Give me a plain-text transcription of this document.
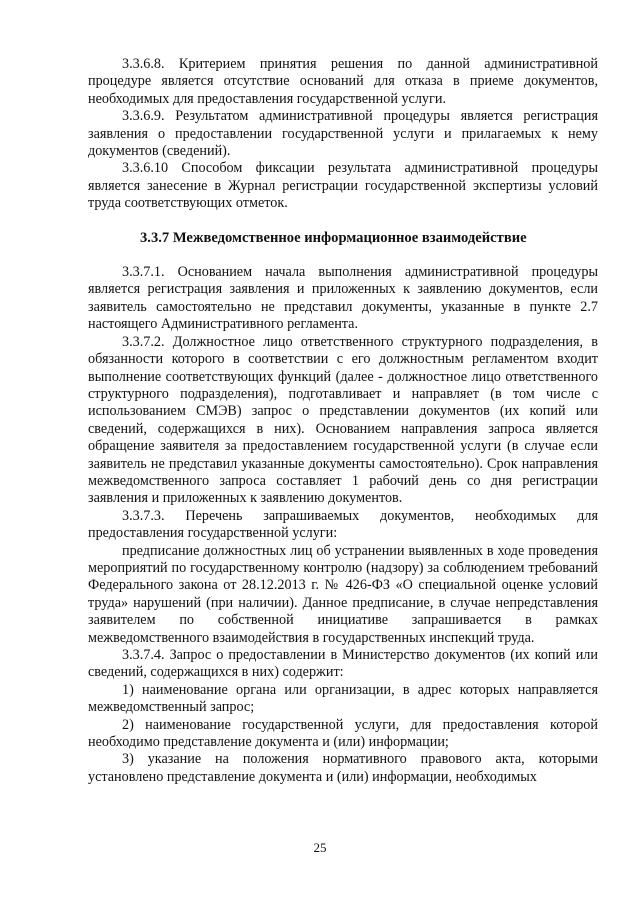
3.3.6.8. Критерием принятия решения по данной административной процедуре является отсутствие оснований для отказа в приеме документов, необходимых для предоставления государственной услуги.

3.3.6.9. Результатом административной процедуры является регистрация заявления о предоставлении государственной услуги и прилагаемых к нему документов (сведений).

3.3.6.10 Способом фиксации результата административной процедуры является занесение в Журнал регистрации государственной экспертизы условий труда соответствующих отметок.

3.3.7 Межведомственное информационное взаимодействие

3.3.7.1. Основанием начала выполнения административной процедуры является регистрация заявления и приложенных к заявлению документов, если заявитель самостоятельно не представил документы, указанные в пункте 2.7 настоящего Административного регламента.

3.3.7.2. Должностное лицо ответственного структурного подразделения, в обязанности которого в соответствии с его должностным регламентом входит выполнение соответствующих функций (далее - должностное лицо ответственного структурного подразделения), подготавливает и направляет (в том числе с использованием СМЭВ) запрос о представлении документов (их копий или сведений, содержащихся в них). Основанием направления запроса является обращение заявителя за предоставлением государственной услуги (в случае если заявитель не представил указанные документы самостоятельно). Срок направления межведомственного запроса составляет 1 рабочий день со дня регистрации заявления и приложенных к заявлению документов.

3.3.7.3. Перечень запрашиваемых документов, необходимых для предоставления государственной услуги:

предписание должностных лиц об устранении выявленных в ходе проведения мероприятий по государственному контролю (надзору) за соблюдением требований Федерального закона от 28.12.2013 г. № 426-ФЗ «О специальной оценке условий труда» нарушений (при наличии). Данное предписание, в случае непредставления заявителем по собственной инициативе запрашивается в рамках межведомственного взаимодействия в государственных инспекций труда.

3.3.7.4. Запрос о предоставлении в Министерство документов (их копий или сведений, содержащихся в них) содержит:

1) наименование органа или организации, в адрес которых направляется межведомственный запрос;

2) наименование государственной услуги, для предоставления которой необходимо представление документа и (или) информации;

3) указание на положения нормативного правового акта, которыми установлено представление документа и (или) информации, необходимых

25
